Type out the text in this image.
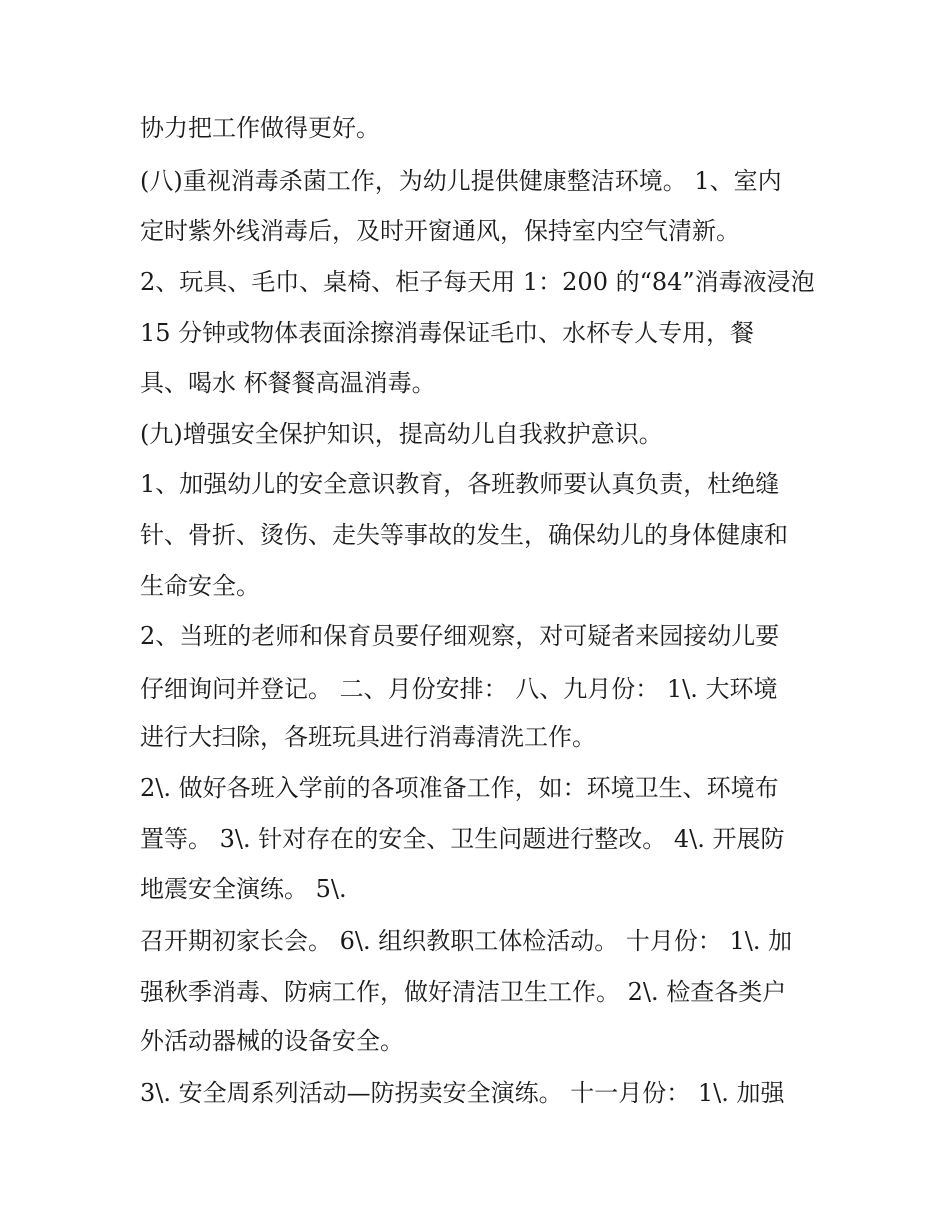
协力把工作做得更好。

(八)重视消毒杀菌工作，为幼儿提供健康整洁环境。 1、室内

定时紫外线消毒后，及时开窗通风，保持室内空气清新。

2、玩具、毛巾、桌椅、柜子每天用 1：200 的“84”消毒液浸泡

15 分钟或物体表面涂擦消毒保证毛巾、水杯专人专用，餐

具、喝水 杯餐餐高温消毒。

(九)增强安全保护知识，提高幼儿自我救护意识。

1、加强幼儿的安全意识教育，各班教师要认真负责，杜绝缝

针、骨折、烫伤、走失等事故的发生，确保幼儿的身体健康和

生命安全。

2、当班的老师和保育员要仔细观察，对可疑者来园接幼儿要

仔细询问并登记。 二、月份安排： 八、九月份： 1\. 大环境

进行大扫除，各班玩具进行消毒清洗工作。

2\. 做好各班入学前的各项准备工作，如：环境卫生、环境布

置等。 3\. 针对存在的安全、卫生问题进行整改。 4\. 开展防

地震安全演练。 5\.

召开期初家长会。 6\. 组织教职工体检活动。 十月份： 1\. 加

强秋季消毒、防病工作，做好清洁卫生工作。 2\. 检查各类户

外活动器械的设备安全。

3\. 安全周系列活动—防拐卖安全演练。 十一月份： 1\. 加强
